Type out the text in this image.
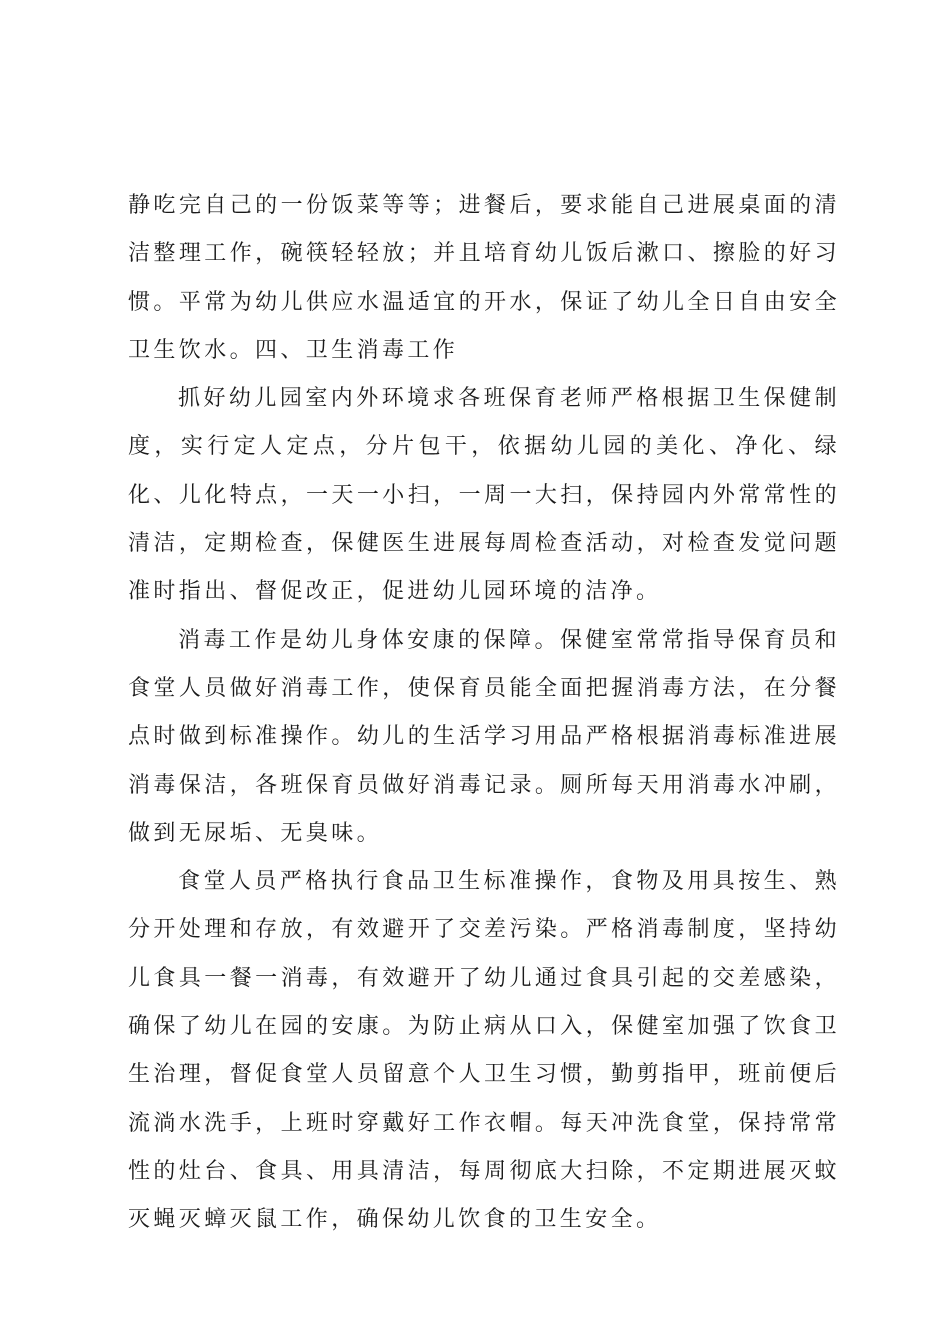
静吃完自己的一份饭菜等等；进餐后，要求能自己进展桌面的清洁整理工作，碗筷轻轻放；并且培育幼儿饭后漱口、擦脸的好习惯。平常为幼儿供应水温适宜的开水，保证了幼儿全日自由安全卫生饮水。四、卫生消毒工作

抓好幼儿园室内外环境求各班保育老师严格根据卫生保健制度，实行定人定点，分片包干，依据幼儿园的美化、净化、绿化、儿化特点，一天一小扫，一周一大扫，保持园内外常常性的清洁，定期检查，保健医生进展每周检查活动，对检查发觉问题准时指出、督促改正，促进幼儿园环境的洁净。

消毒工作是幼儿身体安康的保障。保健室常常指导保育员和食堂人员做好消毒工作，使保育员能全面把握消毒方法，在分餐点时做到标准操作。幼儿的生活学习用品严格根据消毒标准进展消毒保洁，各班保育员做好消毒记录。厕所每天用消毒水冲刷，做到无尿垢、无臭味。

食堂人员严格执行食品卫生标准操作，食物及用具按生、熟分开处理和存放，有效避开了交差污染。严格消毒制度，坚持幼儿食具一餐一消毒，有效避开了幼儿通过食具引起的交差感染，确保了幼儿在园的安康。为防止病从口入，保健室加强了饮食卫生治理，督促食堂人员留意个人卫生习惯，勤剪指甲，班前便后流淌水洗手，上班时穿戴好工作衣帽。每天冲洗食堂，保持常常性的灶台、食具、用具清洁，每周彻底大扫除，不定期进展灭蚊灭蝇灭蟑灭鼠工作，确保幼儿饮食的卫生安全。
